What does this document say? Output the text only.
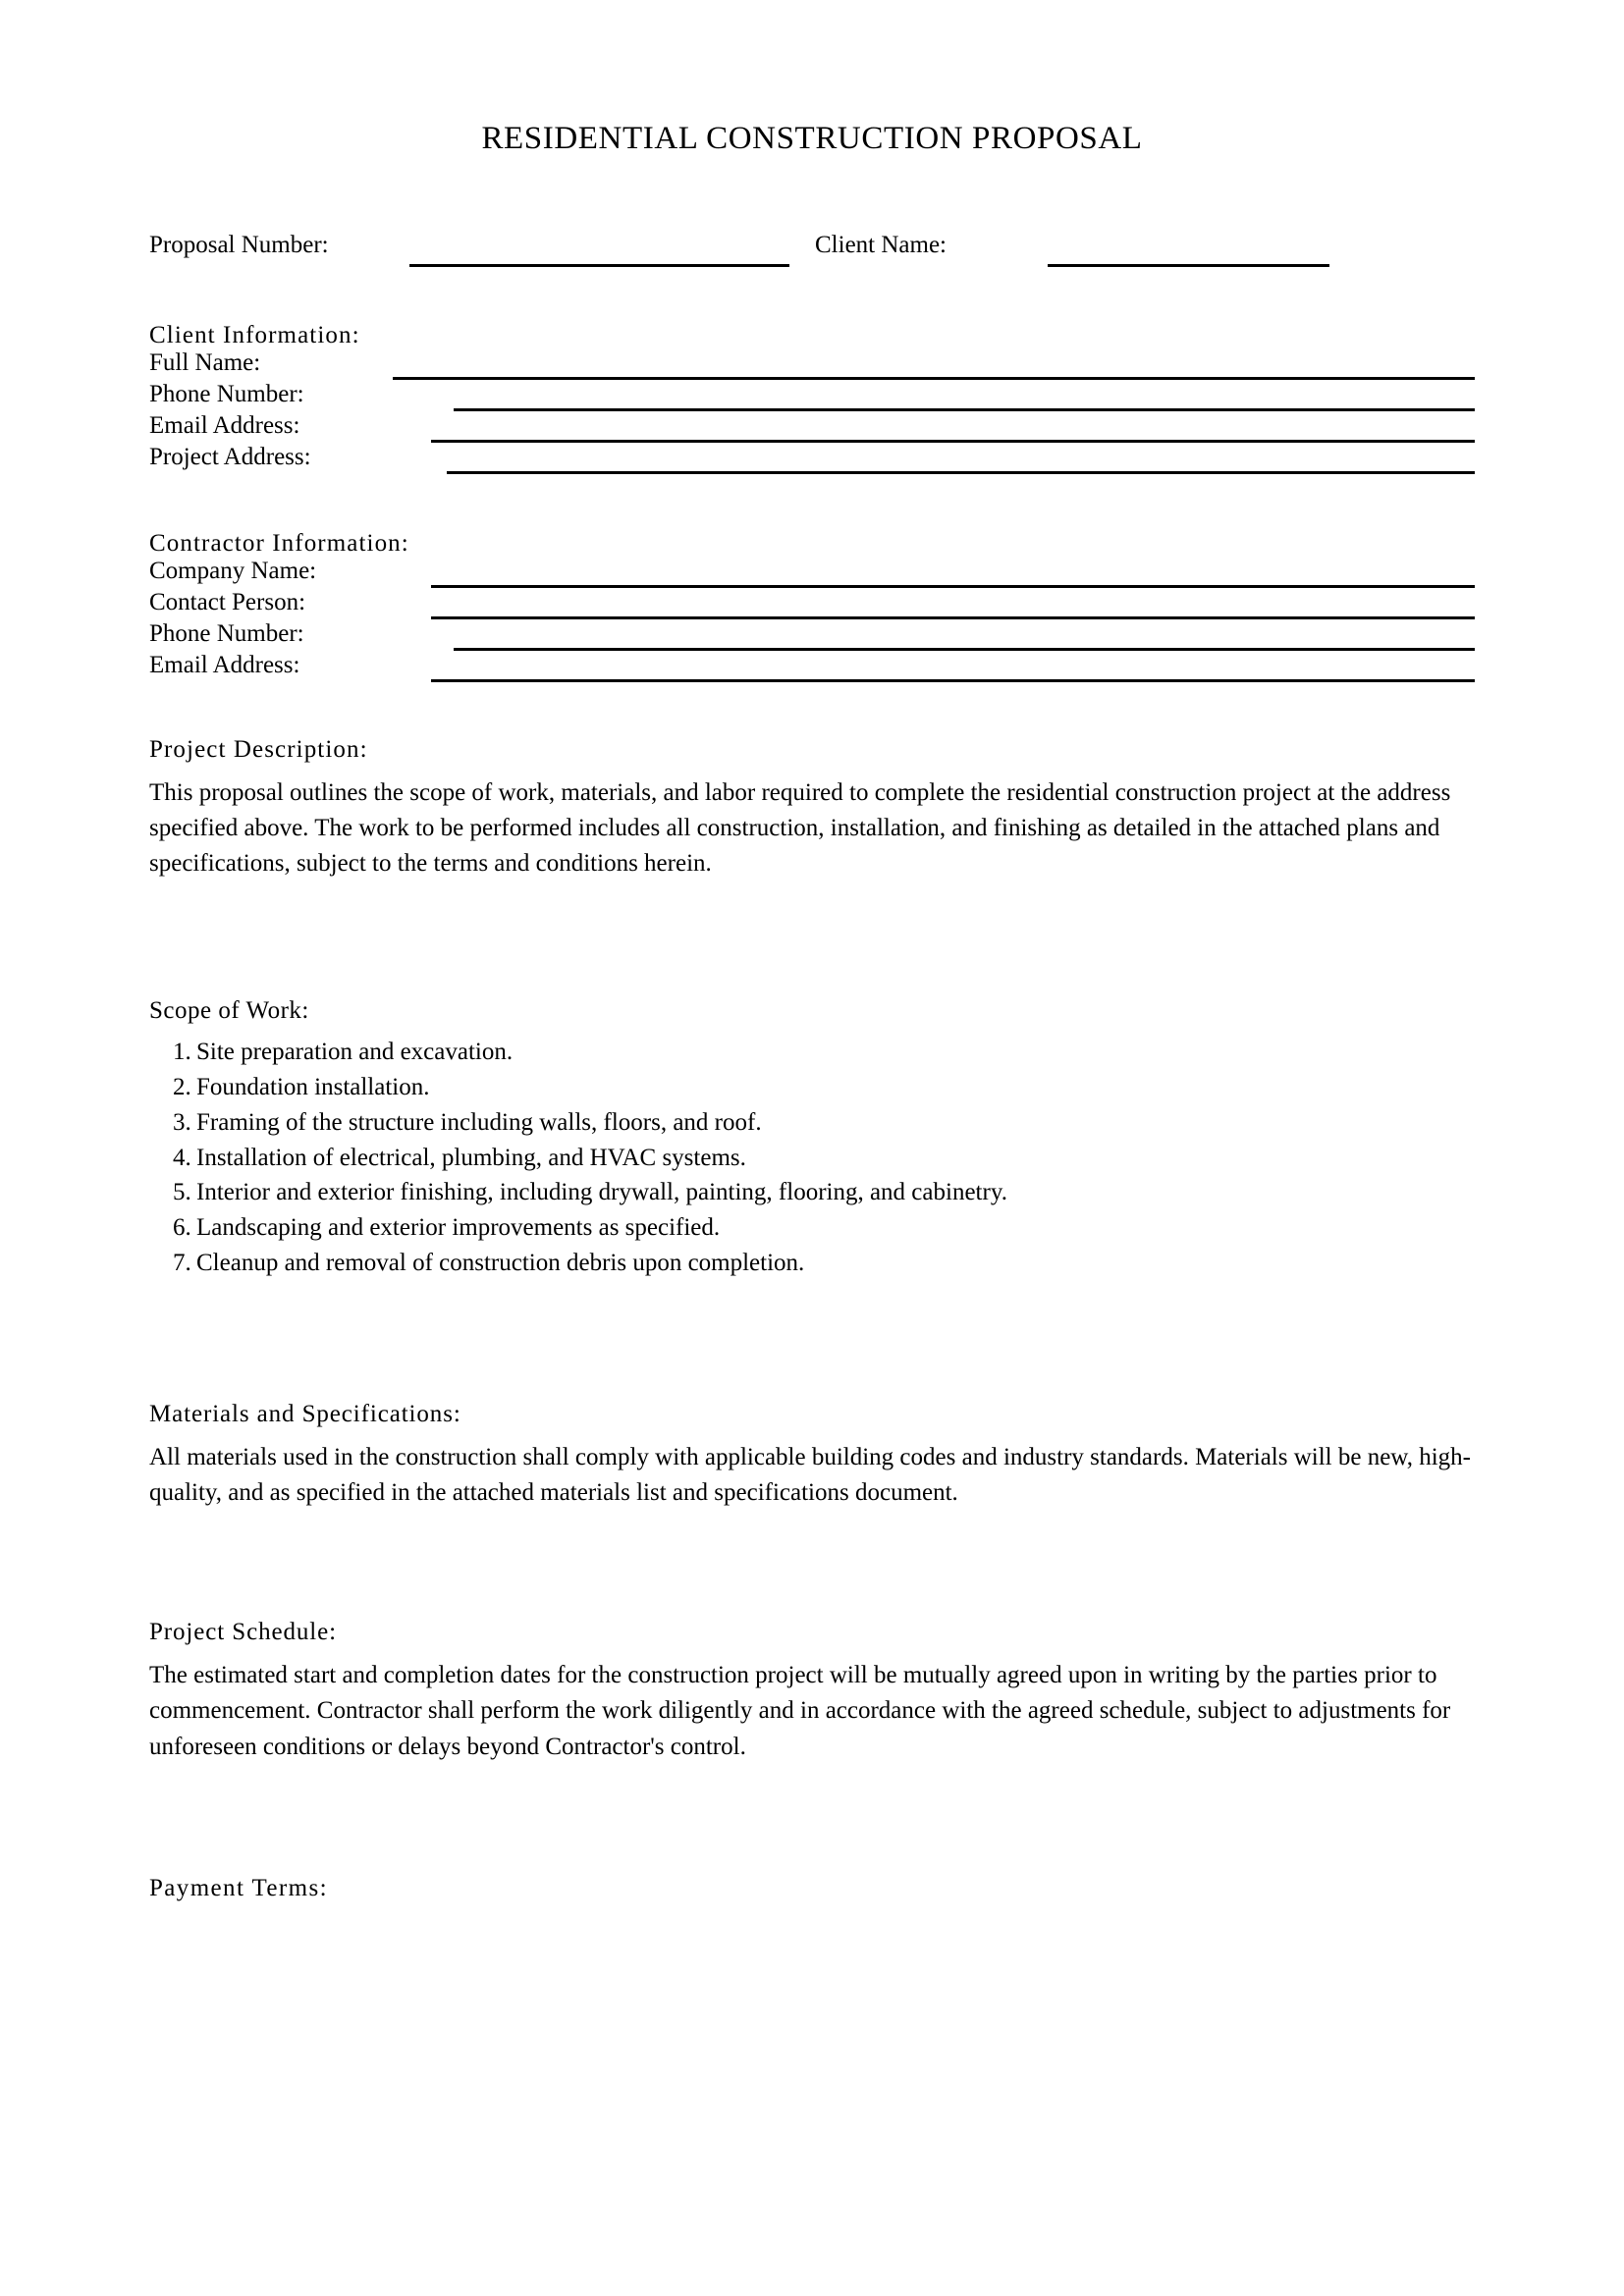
RESIDENTIAL CONSTRUCTION PROPOSAL
Proposal Number:	Client Name:
Client Information:
Full Name:
Phone Number:
Email Address:
Project Address:
Contractor Information:
Company Name:
Contact Person:
Phone Number:
Email Address:
Project Description:

This proposal outlines the scope of work, materials, and labor required to complete the residential construction project at the address specified above. The work to be performed includes all construction, installation, and finishing as detailed in the attached plans and specifications, subject to the terms and conditions herein.

Scope of Work:
1. Site preparation and excavation.
2. Foundation installation.
3. Framing of the structure including walls, floors, and roof.
4. Installation of electrical, plumbing, and HVAC systems.
5. Interior and exterior finishing, including drywall, painting, flooring, and cabinetry.
6. Landscaping and exterior improvements as specified.
7. Cleanup and removal of construction debris upon completion.
Materials and Specifications:

All materials used in the construction shall comply with applicable building codes and industry standards. Materials will be new, high-quality, and as specified in the attached materials list and specifications document.

Project Schedule:

The estimated start and completion dates for the construction project will be mutually agreed upon in writing by the parties prior to commencement. Contractor shall perform the work diligently and in accordance with the agreed schedule, subject to adjustments for unforeseen conditions or delays beyond Contractor's control.

Payment Terms:
